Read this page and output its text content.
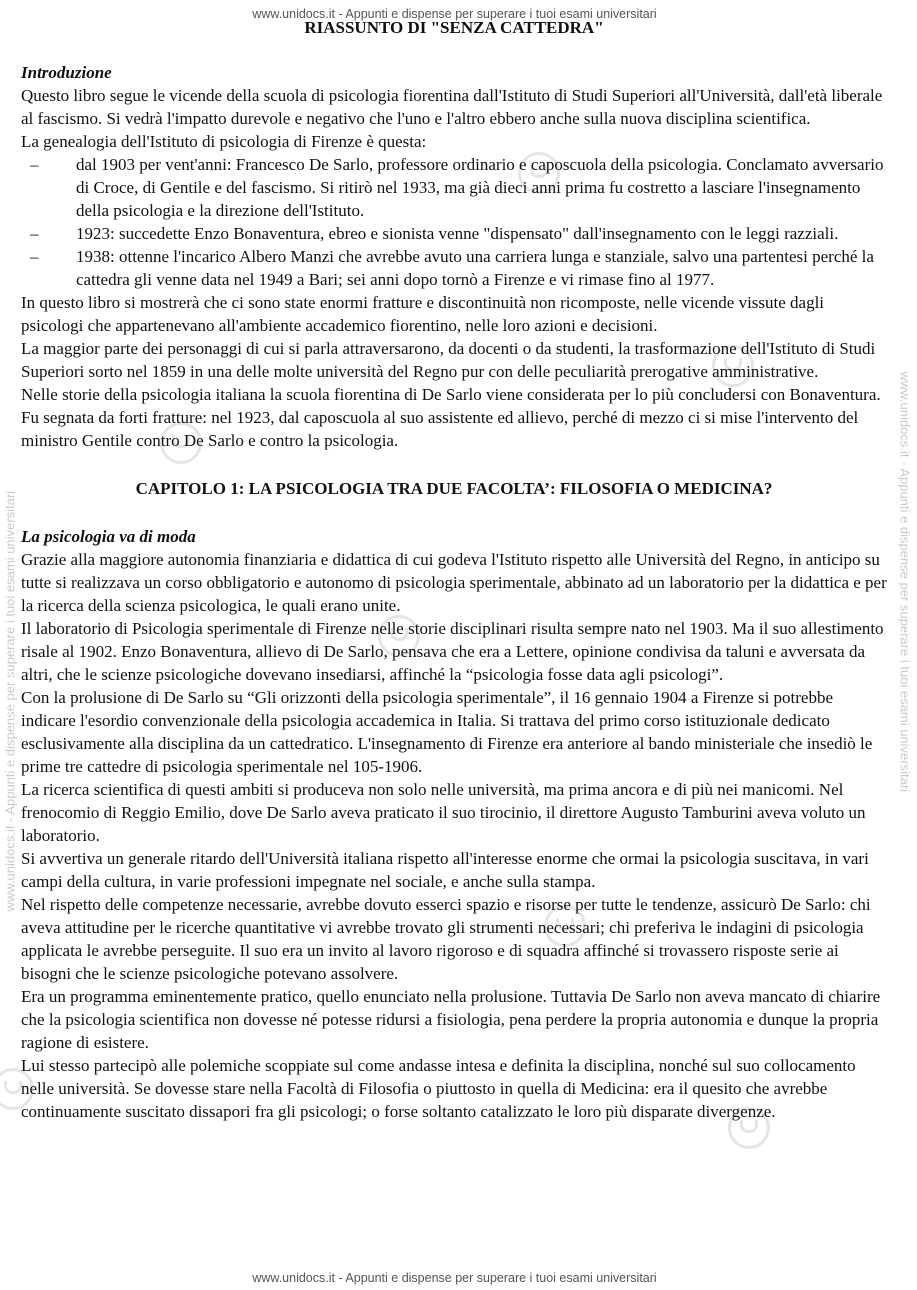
www.unidocs.it - Appunti e dispense per superare i tuoi esami universitari
www.unidocs.it - Appunti e dispense per superare i tuoi esami universitari
www.unidocs.it - Appunti e dispense per superare i tuoi esami universitari	www.unidocs.it - Appunti e dispense per superare i tuoi esami universitari
RIASSUNTO DI "SENZA CATTEDRA"
Introduzione

Questo libro segue le vicende della scuola di psicologia fiorentina dall'Istituto di Studi Superiori all'Università, dall'età liberale al fascismo. Si vedrà l'impatto durevole e negativo che l'uno e l'altro ebbero anche sulla nuova disciplina scientifica.

La genealogia dell'Istituto di psicologia di Firenze è questa:

– dal 1903 per vent'anni: Francesco De Sarlo, professore ordinario e caposcuola della psicologia. Conclamato avversario di Croce, di Gentile e del fascismo. Si ritirò nel 1933, ma già dieci anni prima fu costretto a lasciare l'insegnamento della psicologia e la direzione dell'Istituto.
– 1923: succedette Enzo Bonaventura, ebreo e sionista venne "dispensato" dall'insegnamento con le leggi razziali.
– 1938: ottenne l'incarico Albero Manzi che avrebbe avuto una carriera lunga e stanziale, salvo una partentesi perché la cattedra gli venne data nel 1949 a Bari; sei anni dopo tornò a Firenze e vi rimase fino al 1977.

In questo libro si mostrerà che ci sono state enormi fratture e discontinuità non ricomposte, nelle vicende vissute dagli psicologi che appartenevano all'ambiente accademico fiorentino, nelle loro azioni e decisioni.

La maggior parte dei personaggi di cui si parla attraversarono, da docenti o da studenti, la trasformazione dell'Istituto di Studi Superiori sorto nel 1859 in una delle molte università del Regno pur con delle peculiarità prerogative amministrative.

Nelle storie della psicologia italiana la scuola fiorentina di De Sarlo viene considerata per lo più concludersi con Bonaventura. Fu segnata da forti fratture: nel 1923, dal caposcuola al suo assistente ed allievo, perché di mezzo ci si mise l'intervento del ministro Gentile contro De Sarlo e contro la psicologia.

CAPITOLO 1: LA PSICOLOGIA TRA DUE FACOLTA’: FILOSOFIA O MEDICINA?
La psicologia va di moda

Grazie alla maggiore autonomia finanziaria e didattica di cui godeva l'Istituto rispetto alle Università del Regno, in anticipo su tutte si realizzava un corso obbligatorio e autonomo di psicologia sperimentale, abbinato ad un laboratorio per la didattica e per la ricerca della scienza psicologica, le quali erano unite.

Il laboratorio di Psicologia sperimentale di Firenze nelle storie disciplinari risulta sempre nato nel 1903. Ma il suo allestimento risale al 1902. Enzo Bonaventura, allievo di De Sarlo, pensava che era a Lettere, opinione condivisa da taluni e avversata da altri, che le scienze psicologiche dovevano insediarsi, affinché la “psicologia fosse data agli psicologi”.

Con la prolusione di De Sarlo su “Gli orizzonti della psicologia sperimentale”, il 16 gennaio 1904 a Firenze si potrebbe indicare l'esordio convenzionale della psicologia accademica in Italia. Si trattava del primo corso istituzionale dedicato esclusivamente alla disciplina da un cattedratico. L'insegnamento di Firenze era anteriore al bando ministeriale che insediò le prime tre cattedre di psicologia sperimentale nel 105-1906.

La ricerca scientifica di questi ambiti si produceva non solo nelle università, ma prima ancora e di più nei manicomi. Nel frenocomio di Reggio Emilio, dove De Sarlo aveva praticato il suo tirocinio, il direttore Augusto Tamburini aveva voluto un laboratorio.

Si avvertiva un generale ritardo dell'Università italiana rispetto all'interesse enorme che ormai la psicologia suscitava, in vari campi della cultura, in varie professioni impegnate nel sociale, e anche sulla stampa.

Nel rispetto delle competenze necessarie, avrebbe dovuto esserci spazio e risorse per tutte le tendenze, assicurò De Sarlo: chi aveva attitudine per le ricerche quantitative vi avrebbe trovato gli strumenti necessari; chi preferiva le indagini di psicologia applicata le avrebbe perseguite. Il suo era un invito al lavoro rigoroso e di squadra affinché si trovassero risposte serie ai bisogni che le scienze psicologiche potevano assolvere.

Era un programma eminentemente pratico, quello enunciato nella prolusione. Tuttavia De Sarlo non aveva mancato di chiarire che la psicologia scientifica non dovesse né potesse ridursi a fisiologia, pena perdere la propria autonomia e dunque la propria ragione di esistere.

Lui stesso partecipò alle polemiche scoppiate sul come andasse intesa e definita la disciplina, nonché sul suo collocamento nelle università. Se dovesse stare nella Facoltà di Filosofia o piuttosto in quella di Medicina: era il quesito che avrebbe continuamente suscitato dissapori fra gli psicologi; o forse soltanto catalizzato le loro più disparate divergenze.
